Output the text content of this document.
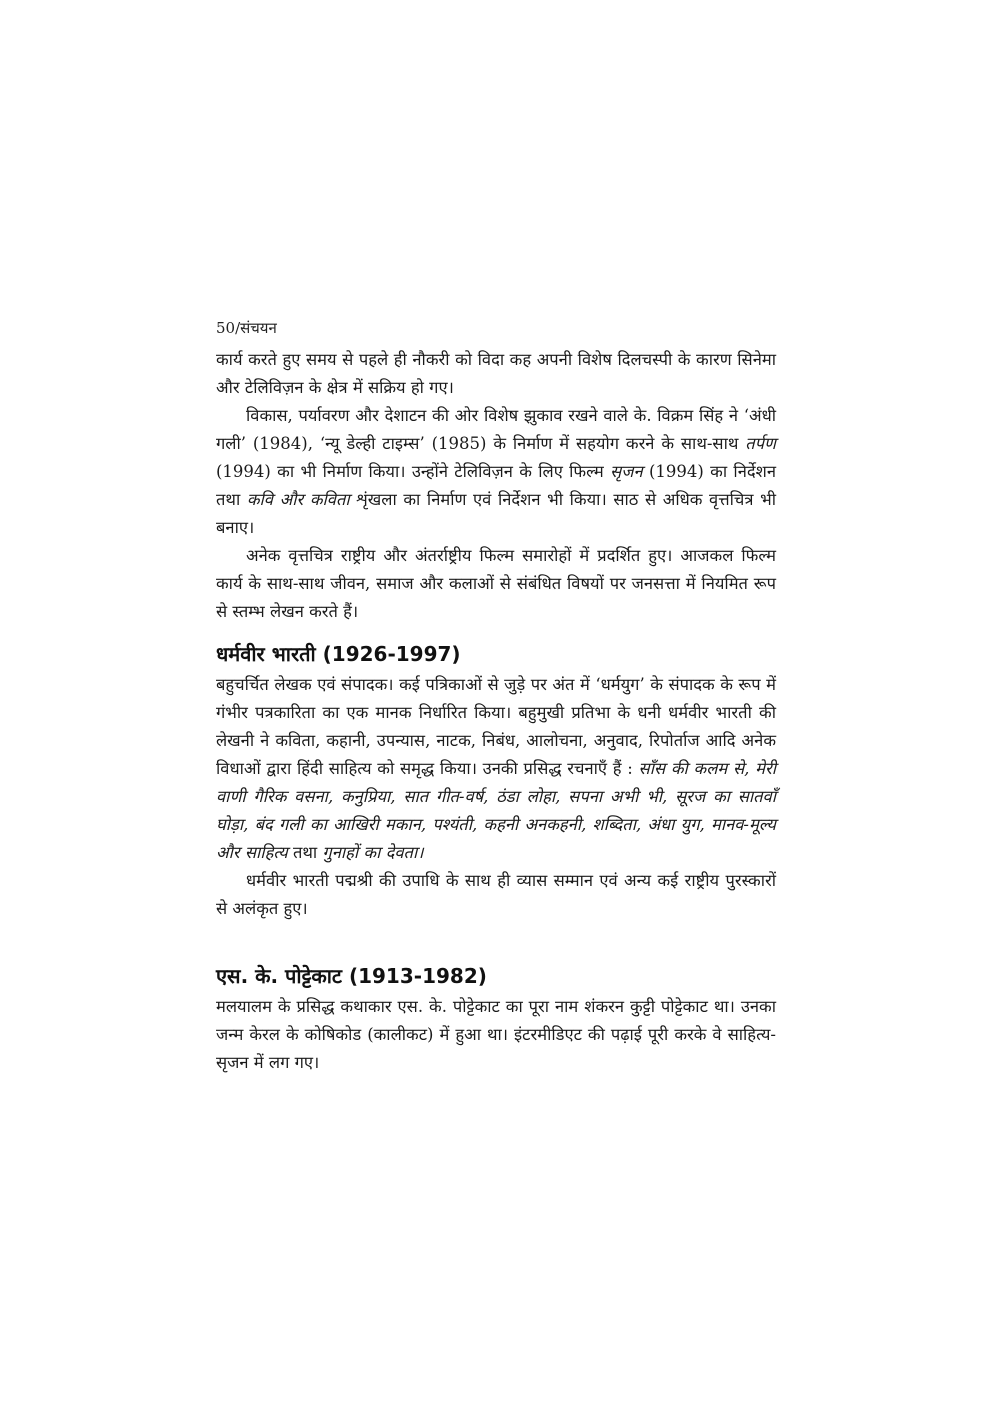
50/संचयन

कार्य करते हुए समय से पहले ही नौकरी को विदा कह अपनी विशेष दिलचस्पी के कारण सिनेमा और टेलिविज़न के क्षेत्र में सक्रिय हो गए।

विकास, पर्यावरण और देशाटन की ओर विशेष झुकाव रखने वाले के. विक्रम सिंह ने ‘अंधी गली’ (1984), ‘न्यू डेल्ही टाइम्स’ (1985) के निर्माण में सहयोग करने के साथ-साथ तर्पण (1994) का भी निर्माण किया। उन्होंने टेलिविज़न के लिए फिल्म सृजन (1994) का निर्देशन तथा कवि और कविता शृंखला का निर्माण एवं निर्देशन भी किया। साठ से अधिक वृत्तचित्र भी बनाए।

अनेक वृत्तचित्र राष्ट्रीय और अंतर्राष्ट्रीय फिल्म समारोहों में प्रदर्शित हुए। आजकल फिल्म कार्य के साथ-साथ जीवन, समाज और कलाओं से संबंधित विषयों पर जनसत्ता में नियमित रूप से स्तम्भ लेखन करते हैं।

धर्मवीर भारती (1926-1997)

बहुचर्चित लेखक एवं संपादक। कई पत्रिकाओं से जुड़े पर अंत में ‘धर्मयुग’ के संपादक के रूप में गंभीर पत्रकारिता का एक मानक निर्धारित किया। बहुमुखी प्रतिभा के धनी धर्मवीर भारती की लेखनी ने कविता, कहानी, उपन्यास, नाटक, निबंध, आलोचना, अनुवाद, रिपोर्ताज आदि अनेक विधाओं द्वारा हिंदी साहित्य को समृद्ध किया। उनकी प्रसिद्ध रचनाएँ हैं : साँस की कलम से, मेरी वाणी गैरिक वसना, कनुप्रिया, सात गीत-वर्ष, ठंडा लोहा, सपना अभी भी, सूरज का सातवाँ घोड़ा, बंद गली का आखिरी मकान, पश्यंती, कहनी अनकहनी, शब्दिता, अंधा युग, मानव-मूल्य और साहित्य तथा गुनाहों का देवता।

धर्मवीर भारती पद्मश्री की उपाधि के साथ ही व्यास सम्मान एवं अन्य कई राष्ट्रीय पुरस्कारों से अलंकृत हुए।

एस. के. पोट्टेकाट (1913-1982)

मलयालम के प्रसिद्ध कथाकार एस. के. पोट्टेकाट का पूरा नाम शंकरन कुट्टी पोट्टेकाट था। उनका जन्म केरल के कोषिकोड (कालीकट) में हुआ था। इंटरमीडिएट की पढ़ाई पूरी करके वे साहित्य-सृजन में लग गए।
